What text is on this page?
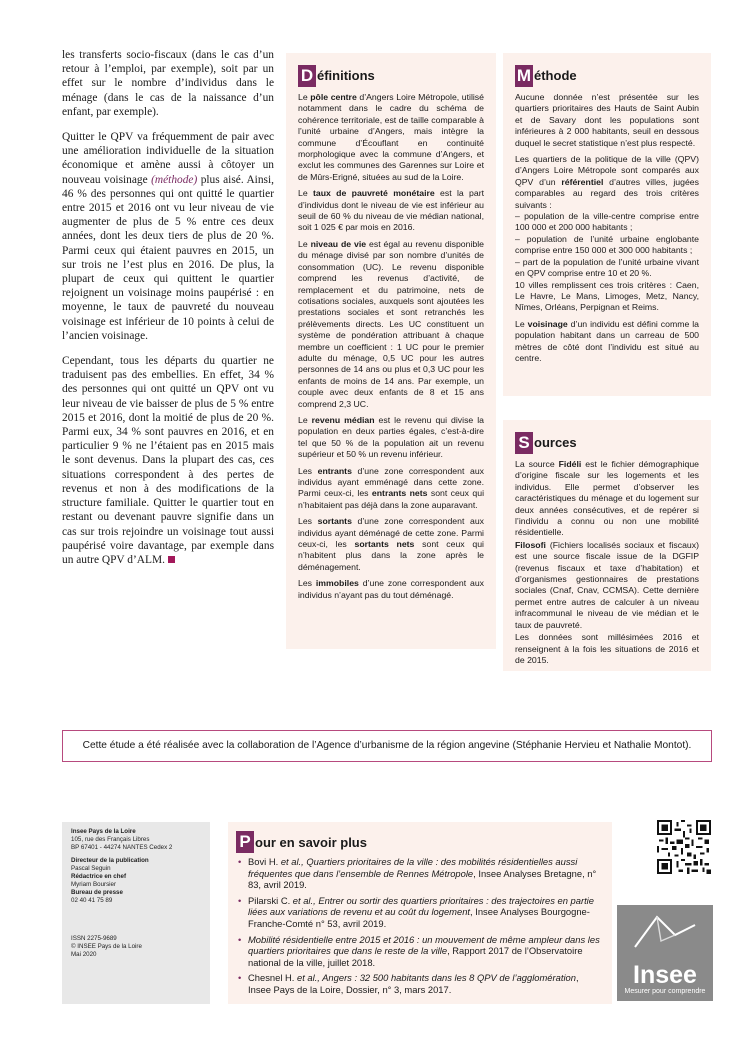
les transferts socio-fiscaux (dans le cas d’un retour à l’emploi, par exemple), soit par un effet sur le nombre d’individus dans le ménage (dans le cas de la naissance d’un enfant, par exemple).

Quitter le QPV va fréquemment de pair avec une amélioration individuelle de la situation économique et amène aussi à côtoyer un nouveau voisinage (méthode) plus aisé. Ainsi, 46 % des personnes qui ont quitté le quartier entre 2015 et 2016 ont vu leur niveau de vie augmenter de plus de 5 % entre ces deux années, dont les deux tiers de plus de 20 %. Parmi ceux qui étaient pauvres en 2015, un sur trois ne l’est plus en 2016. De plus, la plupart de ceux qui quittent le quartier rejoignent un voisinage moins paupérisé : en moyenne, le taux de pauvreté du nouveau voisinage est inférieur de 10 points à celui de l’ancien voisinage.

Cependant, tous les départs du quartier ne traduisent pas des embellies. En effet, 34 % des personnes qui ont quitté un QPV ont vu leur niveau de vie baisser de plus de 5 % entre 2015 et 2016, dont la moitié de plus de 20 %. Parmi eux, 34 % sont pauvres en 2016, et en particulier 9 % ne l’étaient pas en 2015 mais le sont devenus. Dans la plupart des cas, ces situations correspondent à des pertes de revenus et non à des modifications de la structure familiale. Quitter le quartier tout en restant ou devenant pauvre signifie dans un cas sur trois rejoindre un voisinage tout aussi paupérisé voire davantage, par exemple dans un autre QPV d’ALM.

D éfinitions

Le pôle centre d’Angers Loire Métropole, utilisé notamment dans le cadre du schéma de cohérence territoriale, est de taille comparable à l’unité urbaine d’Angers, mais intègre la commune d’Écouflant en continuité morphologique avec la commune d’Angers, et exclut les communes des Garennes sur Loire et de Mûrs-Erigné, situées au sud de la Loire.

Le taux de pauvreté monétaire est la part d’individus dont le niveau de vie est inférieur au seuil de 60 % du niveau de vie médian national, soit 1 025 € par mois en 2016.

Le niveau de vie est égal au revenu disponible du ménage divisé par son nombre d’unités de consommation (UC). Le revenu disponible comprend les revenus d’activité, de remplacement et du patrimoine, nets de cotisations sociales, auxquels sont ajoutées les prestations sociales et sont retranchés les prélèvements directs. Les UC constituent un système de pondération attribuant à chaque membre un coefficient : 1 UC pour le premier adulte du ménage, 0,5 UC pour les autres personnes de 14 ans ou plus et 0,3 UC pour les enfants de moins de 14 ans. Par exemple, un couple avec deux enfants de 8 et 15 ans comprend 2,3 UC.

Le revenu médian est le revenu qui divise la population en deux parties égales, c’est-à-dire tel que 50 % de la population ait un revenu supérieur et 50 % un revenu inférieur.

Les entrants d’une zone correspondent aux individus ayant emménagé dans cette zone. Parmi ceux-ci, les entrants nets sont ceux qui n’habitaient pas déjà dans la zone auparavant.

Les sortants d’une zone correspondent aux individus ayant déménagé de cette zone. Parmi ceux-ci, les sortants nets sont ceux qui n’habitent plus dans la zone après le déménagement.

Les immobiles d’une zone correspondent aux individus n’ayant pas du tout déménagé.

M éthode

Aucune donnée n’est présentée sur les quartiers prioritaires des Hauts de Saint Aubin et de Savary dont les populations sont inférieures à 2 000 habitants, seuil en dessous duquel le secret statistique n’est plus respecté.

Les quartiers de la politique de la ville (QPV) d’Angers Loire Métropole sont comparés aux QPV d’un référentiel d’autres villes, jugées comparables au regard des trois critères suivants :
– population de la ville-centre comprise entre 100 000 et 200 000 habitants ;
– population de l’unité urbaine englobante comprise entre 150 000 et 300 000 habitants ;
– part de la population de l’unité urbaine vivant en QPV comprise entre 10 et 20 %.
10 villes remplissent ces trois critères : Caen, Le Havre, Le Mans, Limoges, Metz, Nancy, Nîmes, Orléans, Perpignan et Reims.

Le voisinage d’un individu est défini comme la population habitant dans un carreau de 500 mètres de côté dont l’individu est situé au centre.

S ources

La source Fidéli est le fichier démographique d’origine fiscale sur les logements et les individus. Elle permet d’observer les caractéristiques du ménage et du logement sur deux années consécutives, et de repérer si l’individu a connu ou non une mobilité résidentielle.

Filosofi (Fichiers localisés sociaux et fiscaux) est une source fiscale issue de la DGFIP (revenus fiscaux et taxe d’habitation) et d’organismes gestionnaires de prestations sociales (Cnaf, Cnav, CCMSA). Cette dernière permet entre autres de calculer à un niveau infracommunal le niveau de vie médian et le taux de pauvreté.

Les données sont millésimées 2016 et renseignent à la fois les situations de 2016 et de 2015.

Cette étude a été réalisée avec la collaboration de l’Agence d’urbanisme de la région angevine (Stéphanie Hervieu et Nathalie Montot).

Insee Pays de la Loire
105, rue des Français Libres
BP 67401 - 44274 NANTES Cedex 2

Directeur de la publication
Pascal Seguin
Rédactrice en chef
Myriam Boursier
Bureau de presse
02 40 41 75 89

ISSN 2275-9689
© INSEE Pays de la Loire
Mai 2020

P our en savoir plus
• Bovi H. et al., Quartiers prioritaires de la ville : des mobilités résidentielles aussi fréquentes que dans l’ensemble de Rennes Métropole, Insee Analyses Bretagne, n° 83, avril 2019.
• Pilarski C. et al., Entrer ou sortir des quartiers prioritaires : des trajectoires en partie liées aux variations de revenu et au coût du logement, Insee Analyses Bourgogne-Franche-Comté n° 53, avril 2019.
• Mobilité résidentielle entre 2015 et 2016 : un mouvement de même ampleur dans les quartiers prioritaires que dans le reste de la ville, Rapport 2017 de l’Observatoire national de la ville, juillet 2018.
• Chesnel H. et al., Angers : 32 500 habitants dans les 8 QPV de l’agglomération, Insee Pays de la Loire, Dossier, n° 3, mars 2017.
Insee
Mesurer pour comprendre
